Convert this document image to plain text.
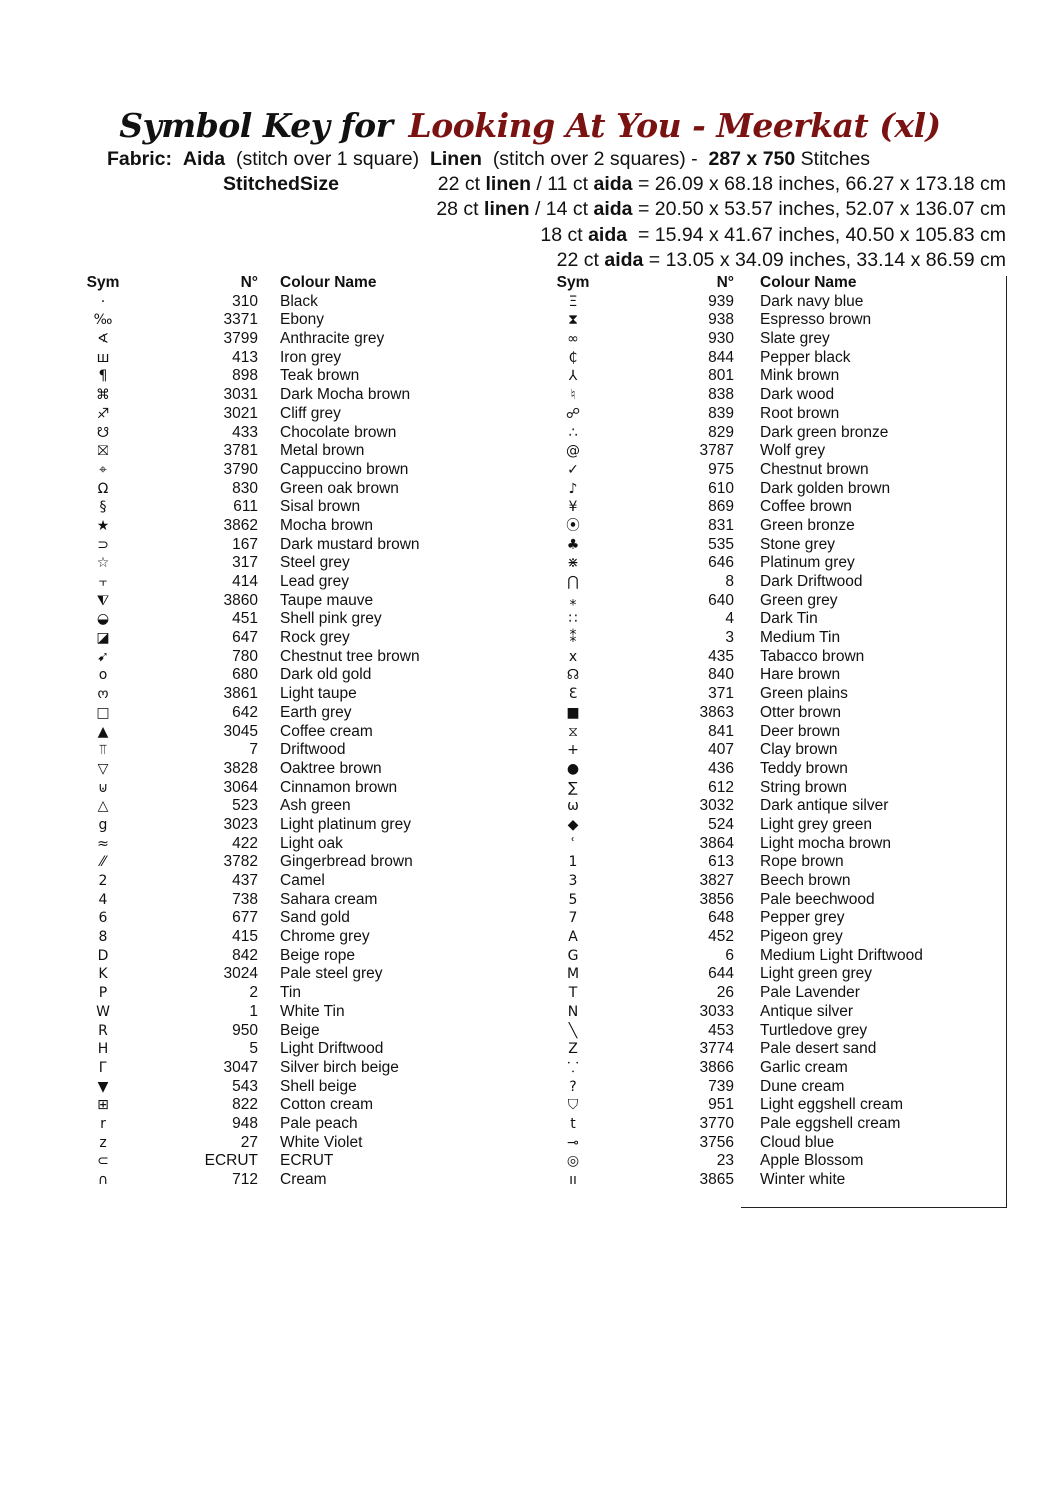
Symbol Key for Looking At You - Meerkat (xl)
Fabric: Aida (stitch over 1 square) Linen (stitch over 2 squares) - 287 x 750 Stitches
StitchedSize	22 ct linen / 11 ct aida = 26.09 x 68.18 inches, 66.27 x 173.18 cm
28 ct linen / 14 ct aida = 20.50 x 53.57 inches, 52.07 x 136.07 cm
18 ct aida  = 15.94 x 41.67 inches, 40.50 x 105.83 cm
22 ct aida = 13.05 x 34.09 inches, 33.14 x 86.59 cm
Sym	N° Colour Name
·	310 Black
‰	3371 Ebony
∢	3799 Anthracite grey
ш	413 Iron grey
¶	898 Teak brown
⌘	3031 Dark Mocha brown
♐	3021 Cliff grey
☋	433 Chocolate brown
⛝	3781 Metal brown
⌖	3790 Cappuccino brown
Ω	830 Green oak brown
§	611 Sisal brown
★	3862 Mocha brown
⊃	167 Dark mustard brown
☆	317 Steel grey
⫟	414 Lead grey
⧨	3860 Taupe mauve
◒	451 Shell pink grey
◪	647 Rock grey
➹	780 Chestnut tree brown
o	680 Dark old gold
ო	3861 Light taupe
□	642 Earth grey
▲	3045 Coffee cream
⫪	7 Driftwood
▽	3828 Oaktree brown
⊍	3064 Cinnamon brown
△	523 Ash green
g	3023 Light platinum grey
≈	422 Light oak
⁄⁄	3782 Gingerbread brown
2	437 Camel
4	738 Sahara cream
6	677 Sand gold
8	415 Chrome grey
D	842 Beige rope
K	3024 Pale steel grey
P	2 Tin
W	1 White Tin
R	950 Beige
H	5 Light Driftwood
Г	3047 Silver birch beige
▼	543 Shell beige
⊞	822 Cotton cream
r	948 Pale peach
z	27 White Violet
⊂	ECRUT ECRUT
∩	712 Cream
Sym	N° Colour Name
Ξ	939 Dark navy blue
⧗	938 Espresso brown
∞	930 Slate grey
₵	844 Pepper black
⅄	801 Mink brown
♮	838 Dark wood
☍	839 Root brown
∴	829 Dark green bronze
@	3787 Wolf grey
✓	975 Chestnut brown
♪	610 Dark golden brown
¥	869 Coffee brown
⦿	831 Green bronze
♣	535 Stone grey
⋇	646 Platinum grey
⋂	8 Dark Driftwood
⁎	640 Green grey
∷	4 Dark Tin
⁑	3 Medium Tin
x	435 Tabacco brown
☊	840 Hare brown
Ɛ	371 Green plains
■	3863 Otter brown
⧖	841 Deer brown
+	407 Clay brown
●	436 Teddy brown
∑	612 String brown
ω	3032 Dark antique silver
◆	524 Light grey green
ʿ	3864 Light mocha brown
1	613 Rope brown
3	3827 Beech brown
5	3856 Pale beechwood
7	648 Pepper grey
A	452 Pigeon grey
G	6 Medium Light Driftwood
M	644 Light green grey
T	26 Pale Lavender
N	3033 Antique silver
╲	453 Turtledove grey
Z	3774 Pale desert sand
⸪	3866 Garlic cream
?	739 Dune cream
⛉	951 Light eggshell cream
t	3770 Pale eggshell cream
⊸	3756 Cloud blue
◎	23 Apple Blossom
ıı	3865 Winter white
